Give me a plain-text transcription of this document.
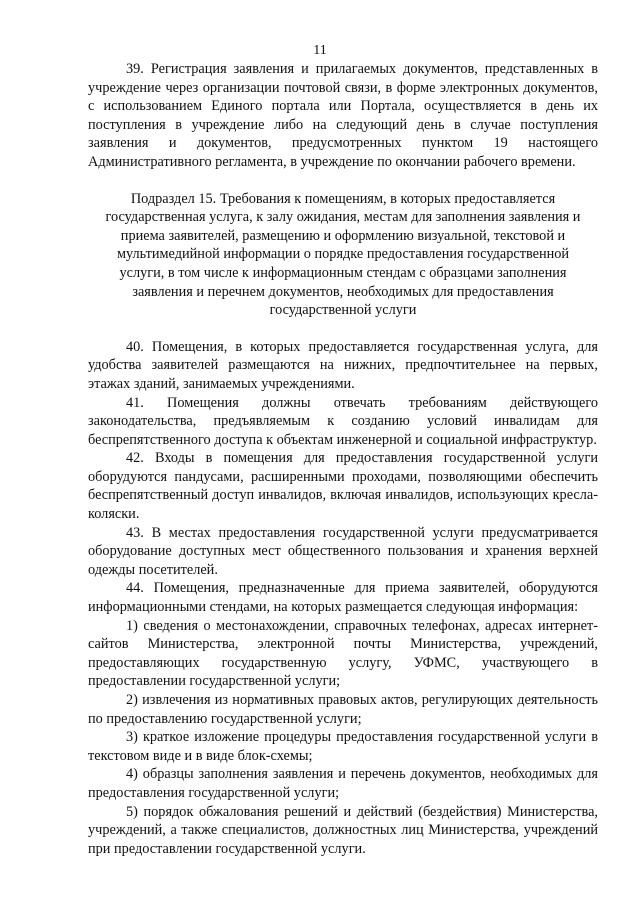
11

39. Регистрация заявления и прилагаемых документов, представленных в учреждение через организации почтовой связи, в форме электронных документов, с использованием Единого портала или Портала, осуществляется в день их поступления в учреждение либо на следующий день в случае поступления заявления и документов, предусмотренных пунктом 19 настоящего Административного регламента, в учреждение по окончании рабочего времени.

Подраздел 15. Требования к помещениям, в которых предоставляется государственная услуга, к залу ожидания, местам для заполнения заявления и приема заявителей, размещению и оформлению визуальной, текстовой и мультимедийной информации о порядке предоставления государственной услуги, в том числе к информационным стендам с образцами заполнения заявления и перечнем документов, необходимых для предоставления государственной услуги

40. Помещения, в которых предоставляется государственная услуга, для удобства заявителей размещаются на нижних, предпочтительнее на первых, этажах зданий, занимаемых учреждениями.

41. Помещения должны отвечать требованиям действующего законодательства, предъявляемым к созданию условий инвалидам для беспрепятственного доступа к объектам инженерной и социальной инфраструктур.

42. Входы в помещения для предоставления государственной услуги оборудуются пандусами, расширенными проходами, позволяющими обеспечить беспрепятственный доступ инвалидов, включая инвалидов, использующих кресла-коляски.

43. В местах предоставления государственной услуги предусматривается оборудование доступных мест общественного пользования и хранения верхней одежды посетителей.

44. Помещения, предназначенные для приема заявителей, оборудуются информационными стендами, на которых размещается следующая информация:

1) сведения о местонахождении, справочных телефонах, адресах интернет-сайтов Министерства, электронной почты Министерства, учреждений, предоставляющих государственную услугу, УФМС, участвующего в предоставлении государственной услуги;

2) извлечения из нормативных правовых актов, регулирующих деятельность по предоставлению государственной услуги;

3) краткое изложение процедуры предоставления государственной услуги в текстовом виде и в виде блок-схемы;

4) образцы заполнения заявления и перечень документов, необходимых для предоставления государственной услуги;

5) порядок обжалования решений и действий (бездействия) Министерства, учреждений, а также специалистов, должностных лиц Министерства, учреждений при предоставлении государственной услуги.
